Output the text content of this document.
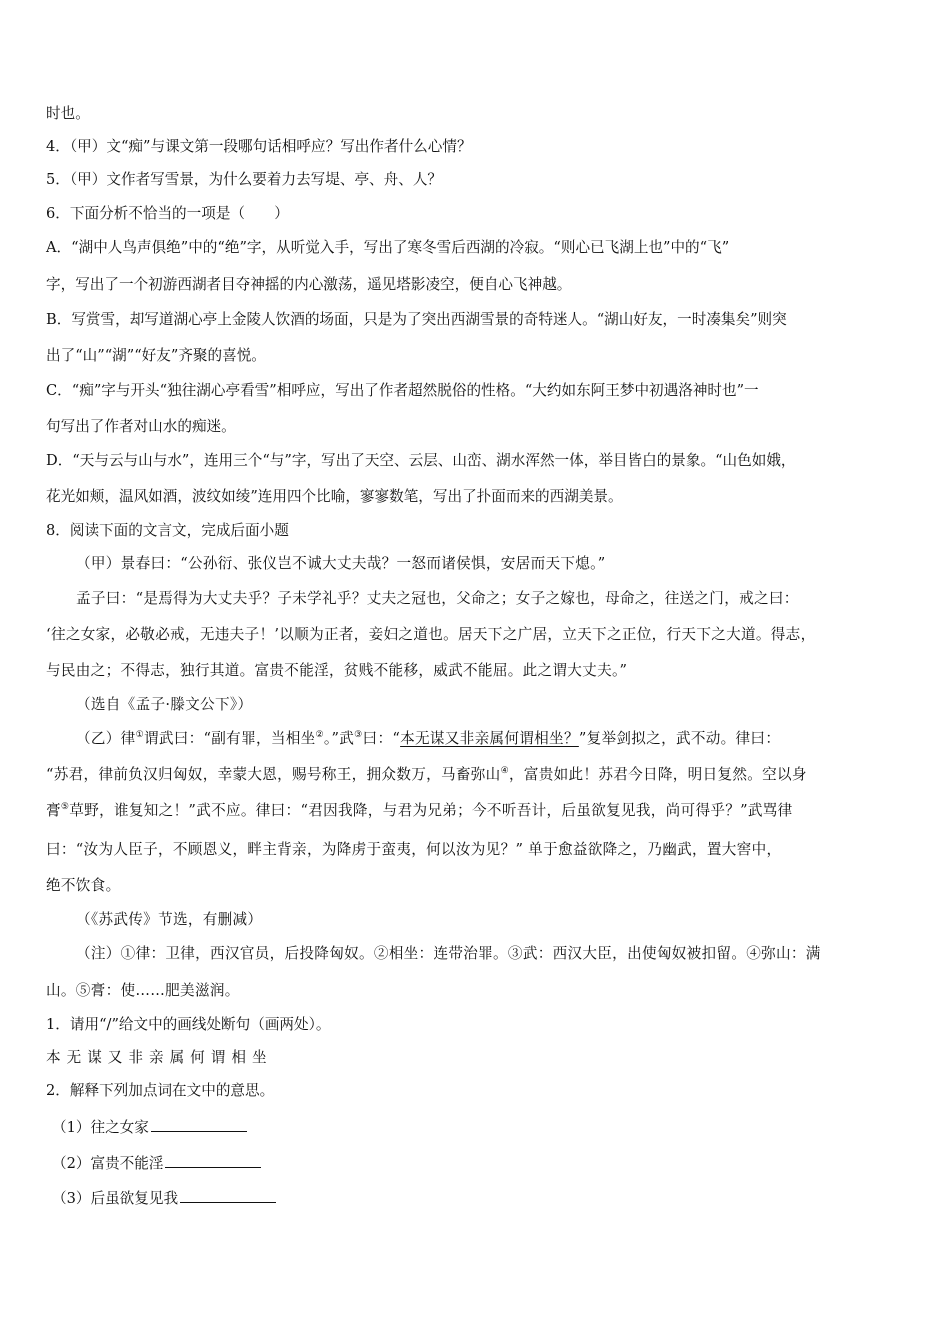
时也。
4．（甲）文“痴”与课文第一段哪句话相呼应？写出作者什么心情？
5．（甲）文作者写雪景，为什么要着力去写堤、亭、舟、人？
6．下面分析不恰当的一项是（　　）
A．“湖中人鸟声俱绝”中的“绝”字，从听觉入手，写出了寒冬雪后西湖的冷寂。“则心已飞湖上也”中的“飞”
字，写出了一个初游西湖者目夺神摇的内心激荡，遥见塔影凌空，便自心飞神越。
B．写赏雪，却写道湖心亭上金陵人饮酒的场面，只是为了突出西湖雪景的奇特迷人。“湖山好友，一时凑集矣”则突
出了“山”“湖”“好友”齐聚的喜悦。
C．“痴”字与开头“独往湖心亭看雪”相呼应，写出了作者超然脱俗的性格。“大约如东阿王梦中初遇洛神时也”一
句写出了作者对山水的痴迷。
D．“天与云与山与水”，连用三个“与”字，写出了天空、云层、山峦、湖水浑然一体，举目皆白的景象。“山色如娥，
花光如颊，温风如酒，波纹如绫”连用四个比喻，寥寥数笔，写出了扑面而来的西湖美景。
8．阅读下面的文言文，完成后面小题
（甲）景春曰：“公孙衍、张仪岂不诚大丈夫哉？一怒而诸侯惧，安居而天下熄。”
孟子曰：“是焉得为大丈夫乎？子未学礼乎？丈夫之冠也，父命之；女子之嫁也，母命之，往送之门，戒之曰：
‘往之女家，必敬必戒，无违夫子！’以顺为正者，妾妇之道也。居天下之广居，立天下之正位，行天下之大道。得志，
与民由之；不得志，独行其道。富贵不能淫，贫贱不能移，威武不能屈。此之谓大丈夫。”
（选自《孟子·滕文公下》）
（乙）律①谓武曰：“副有罪，当相坐②。”武③曰：“本无谋又非亲属何谓相坐？”复举剑拟之，武不动。律曰：
“苏君，律前负汉归匈奴，幸蒙大恩，赐号称王，拥众数万，马畜弥山④，富贵如此！苏君今日降，明日复然。空以身
膏⑤草野，谁复知之！”武不应。律曰：“君因我降，与君为兄弟；今不听吾计，后虽欲复见我，尚可得乎？”武骂律
曰：“汝为人臣子，不顾恩义，畔主背亲，为降虏于蛮夷，何以汝为见？” 单于愈益欲降之，乃幽武，置大窖中，
绝不饮食。
（《苏武传》节选，有删减）
（注）①律：卫律，西汉官员，后投降匈奴。②相坐：连带治罪。③武：西汉大臣，出使匈奴被扣留。④弥山：满
山。⑤膏：使……肥美滋润。
1．请用“/”给文中的画线处断句（画两处）。
本无谋又非亲属何谓相坐
2．解释下列加点词在文中的意思。
（1）往之女家
（2）富贵不能淫
（3）后虽欲复见我
